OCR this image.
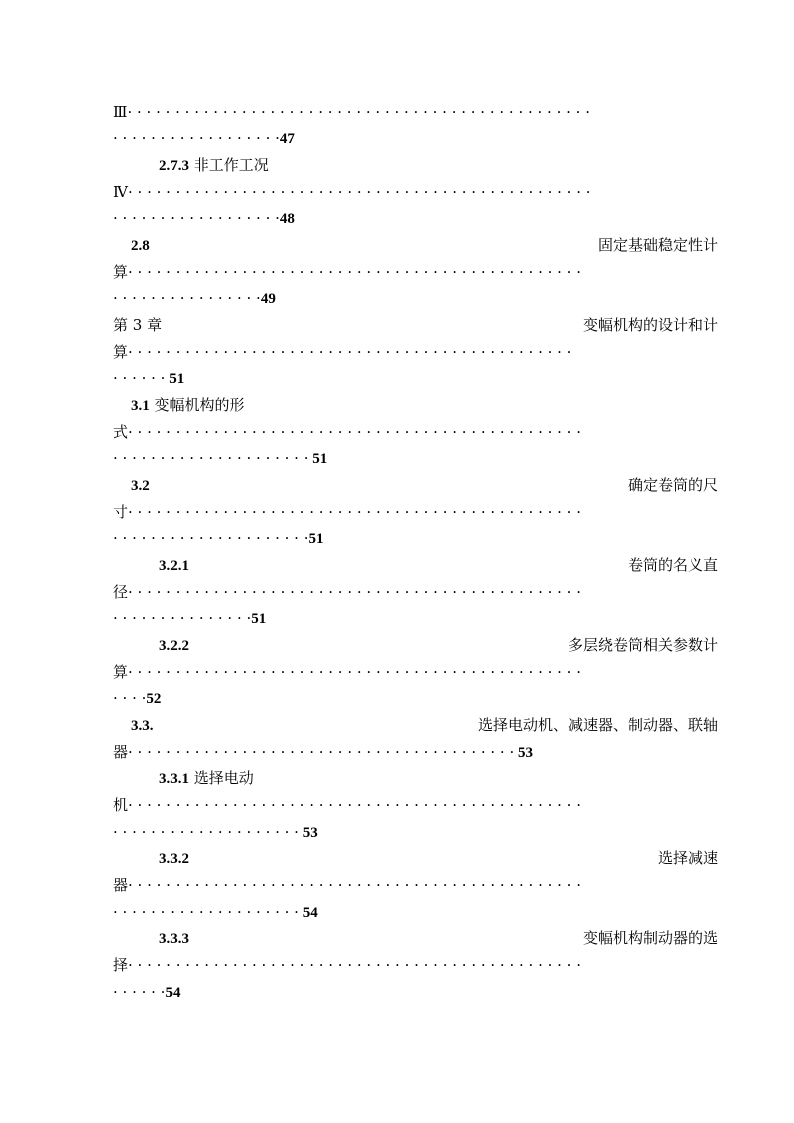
Ⅲ· · · · · · · · · · · · · · · · · · · · · · · · · · · · · · · · · · · · · · · · · · · · · · · · ·
· · · · · · · · · · · · · · · · · ·47
2.7.3 非工作工况
Ⅳ· · · · · · · · · · · · · · · · · · · · · · · · · · · · · · · · · · · · · · · · · · · · · · · · ·
· · · · · · · · · · · · · · · · · ·48
2.8	固定基础稳定性计
算· · · · · · · · · · · · · · · · · · · · · · · · · · · · · · · · · · · · · · · · · · · · · · · ·
· · · · · · · · · · · · · · · ·49
第 3 章	变幅机构的设计和计
算· · · · · · · · · · · · · · · · · · · · · · · · · · · · · · · · · · · · · · · · · · · · · · ·
· · · · · · 51
3.1 变幅机构的形
式· · · · · · · · · · · · · · · · · · · · · · · · · · · · · · · · · · · · · · · · · · · · · · · ·
· · · · · · · · · · · · · · · · · · · · · 51
3.2	确定卷筒的尺
寸· · · · · · · · · · · · · · · · · · · · · · · · · · · · · · · · · · · · · · · · · · · · · · · ·
· · · · · · · · · · · · · · · · · · · · ·51
3.2.1	卷筒的名义直
径· · · · · · · · · · · · · · · · · · · · · · · · · · · · · · · · · · · · · · · · · · · · · · · ·
· · · · · · · · · · · · · · ·51
3.2.2	多层绕卷筒相关参数计
算· · · · · · · · · · · · · · · · · · · · · · · · · · · · · · · · · · · · · · · · · · · · · · · ·
· · · ·52
3.3.	选择电动机、减速器、制动器、联轴
器· · · · · · · · · · · · · · · · · · · · · · · · · · · · · · · · · · · · · · · · · 53
3.3.1 选择电动
机· · · · · · · · · · · · · · · · · · · · · · · · · · · · · · · · · · · · · · · · · · · · · · · ·
· · · · · · · · · · · · · · · · · · · · 53
3.3.2	选择减速
器· · · · · · · · · · · · · · · · · · · · · · · · · · · · · · · · · · · · · · · · · · · · · · · ·
· · · · · · · · · · · · · · · · · · · · 54
3.3.3	变幅机构制动器的选
择· · · · · · · · · · · · · · · · · · · · · · · · · · · · · · · · · · · · · · · · · · · · · · · ·
· · · · · ·54
